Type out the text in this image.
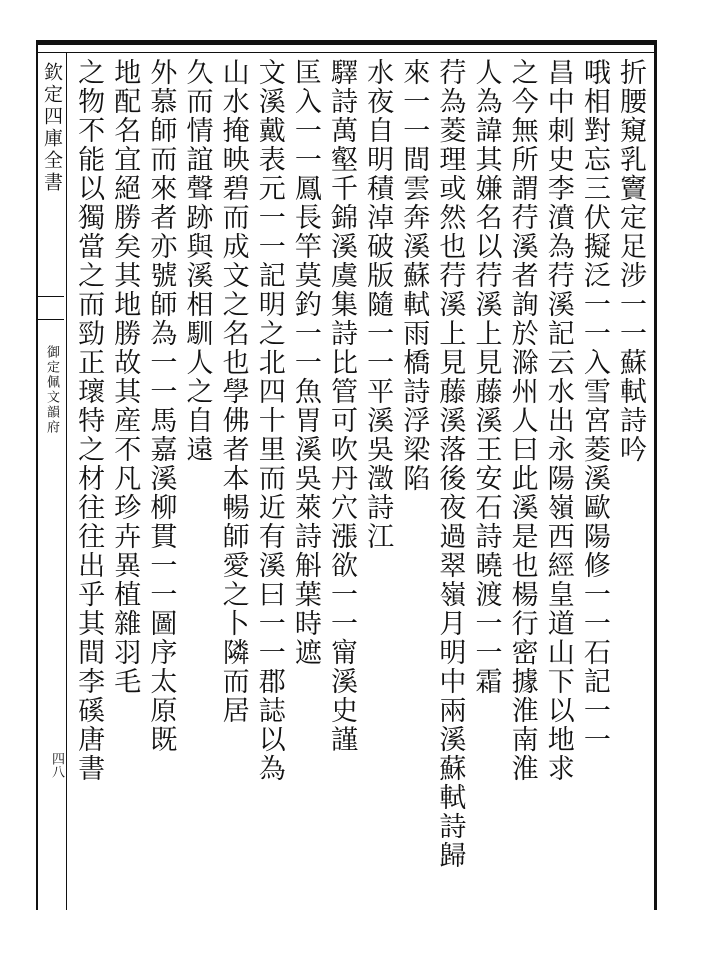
欽定四庫全書
御定佩文韻府
四八
折腰窺乳竇定足涉一一蘇軾詩吟
哦相對忘三伏擬泛一一入雪宮菱溪歐陽修一一石記一一
昌中刺史李濆為荇溪記云水出永陽嶺西經皇道山下以地求
之今無所謂荇溪者詢於滁州人曰此溪是也楊行密據淮南淮
人為諱其嫌名以荇溪上見藤溪王安石詩曉渡一一霜
荇為菱理或然也荇溪上見藤溪落後夜過翠嶺月明中兩溪蘇軾詩歸
來一一間雲奔溪蘇軾雨橋詩浮梁陷
水夜自明積淖破版隨一一平溪吳澂詩江
驛詩萬壑千錦溪虞集詩比管可吹丹穴漲欲一一甯溪史謹
匡入一一鳳長竿莫釣一一魚胃溪吳萊詩斛葉時遮
文溪戴表元一一記明之北四十里而近有溪曰一一郡誌以為
山水掩映碧而成文之名也學佛者本暢師愛之卜隣而居
久而情誼聲跡與溪相馴人之自遠
外慕師而來者亦號師為一一馬嘉溪柳貫一一圖序太原既
地配名宜絕勝矣其地勝故其産不凡珍卉異植雜羽毛
之物不能以獨當之而勁正瓌特之材往往出乎其間李磎唐書
